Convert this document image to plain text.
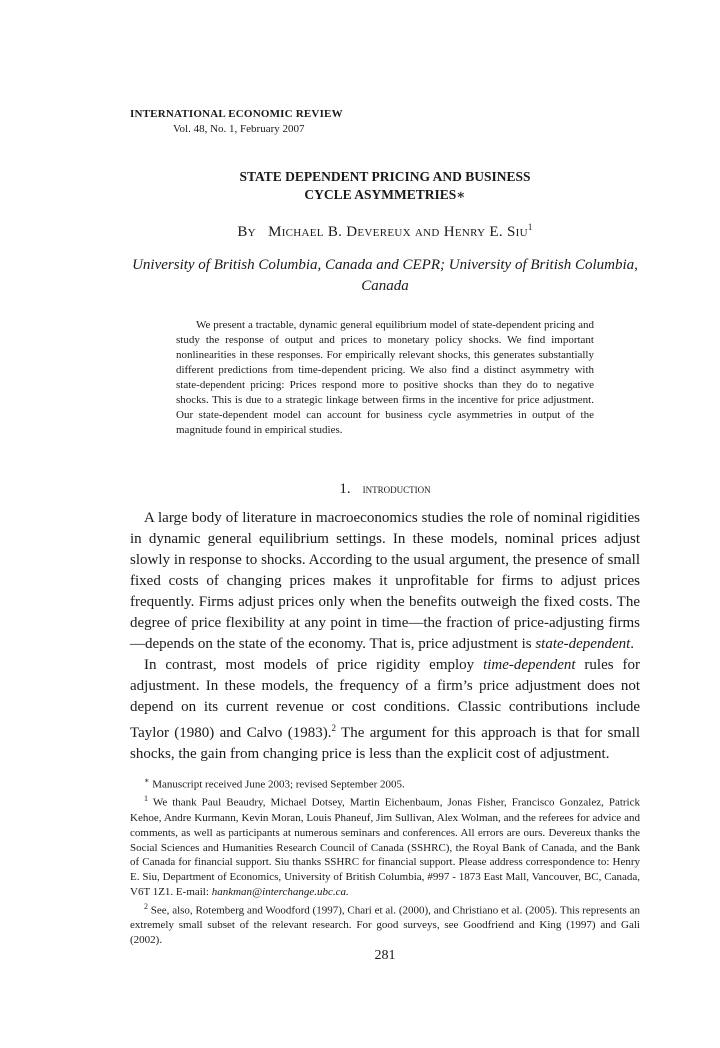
INTERNATIONAL ECONOMIC REVIEW
Vol. 48, No. 1, February 2007
STATE DEPENDENT PRICING AND BUSINESS
CYCLE ASYMMETRIES∗
By Michael B. Devereux and Henry E. Siu$^1$
University of British Columbia, Canada and CEPR; University of British Columbia, Canada
We present a tractable, dynamic general equilibrium model of state-dependent pricing and study the response of output and prices to monetary policy shocks. We find important nonlinearities in these responses. For empirically relevant shocks, this generates substantially different predictions from time-dependent pricing. We also find a distinct asymmetry with state-dependent pricing: Prices respond more to positive shocks than they do to negative shocks. This is due to a strategic linkage between firms in the incentive for price adjustment. Our state-dependent model can account for business cycle asymmetries in output of the magnitude found in empirical studies.
1. introduction

A large body of literature in macroeconomics studies the role of nominal rigidities in dynamic general equilibrium settings. In these models, nominal prices adjust slowly in response to shocks. According to the usual argument, the presence of small fixed costs of changing prices makes it unprofitable for firms to adjust prices frequently. Firms adjust prices only when the benefits outweigh the fixed costs. The degree of price flexibility at any point in time—the fraction of price-adjusting firms—depends on the state of the economy. That is, price adjustment is state-dependent.

In contrast, most models of price rigidity employ time-dependent rules for adjustment. In these models, the frequency of a firm’s price adjustment does not depend on its current revenue or cost conditions. Classic contributions include Taylor (1980) and Calvo (1983).$^2$ The argument for this approach is that for small shocks, the gain from changing price is less than the explicit cost of adjustment.

∗ Manuscript received June 2003; revised September 2005.

$^1$ We thank Paul Beaudry, Michael Dotsey, Martin Eichenbaum, Jonas Fisher, Francisco Gonzalez, Patrick Kehoe, Andre Kurmann, Kevin Moran, Louis Phaneuf, Jim Sullivan, Alex Wolman, and the referees for advice and comments, as well as participants at numerous seminars and conferences. All errors are ours. Devereux thanks the Social Sciences and Humanities Research Council of Canada (SSHRC), the Royal Bank of Canada, and the Bank of Canada for financial support. Siu thanks SSHRC for financial support. Please address correspondence to: Henry E. Siu, Department of Economics, University of British Columbia, #997 - 1873 East Mall, Vancouver, BC, Canada, V6T 1Z1. E-mail: hankman@interchange.ubc.ca.

$^2$ See, also, Rotemberg and Woodford (1997), Chari et al. (2000), and Christiano et al. (2005). This represents an extremely small subset of the relevant research. For good surveys, see Goodfriend and King (1997) and Gali (2002).

281
